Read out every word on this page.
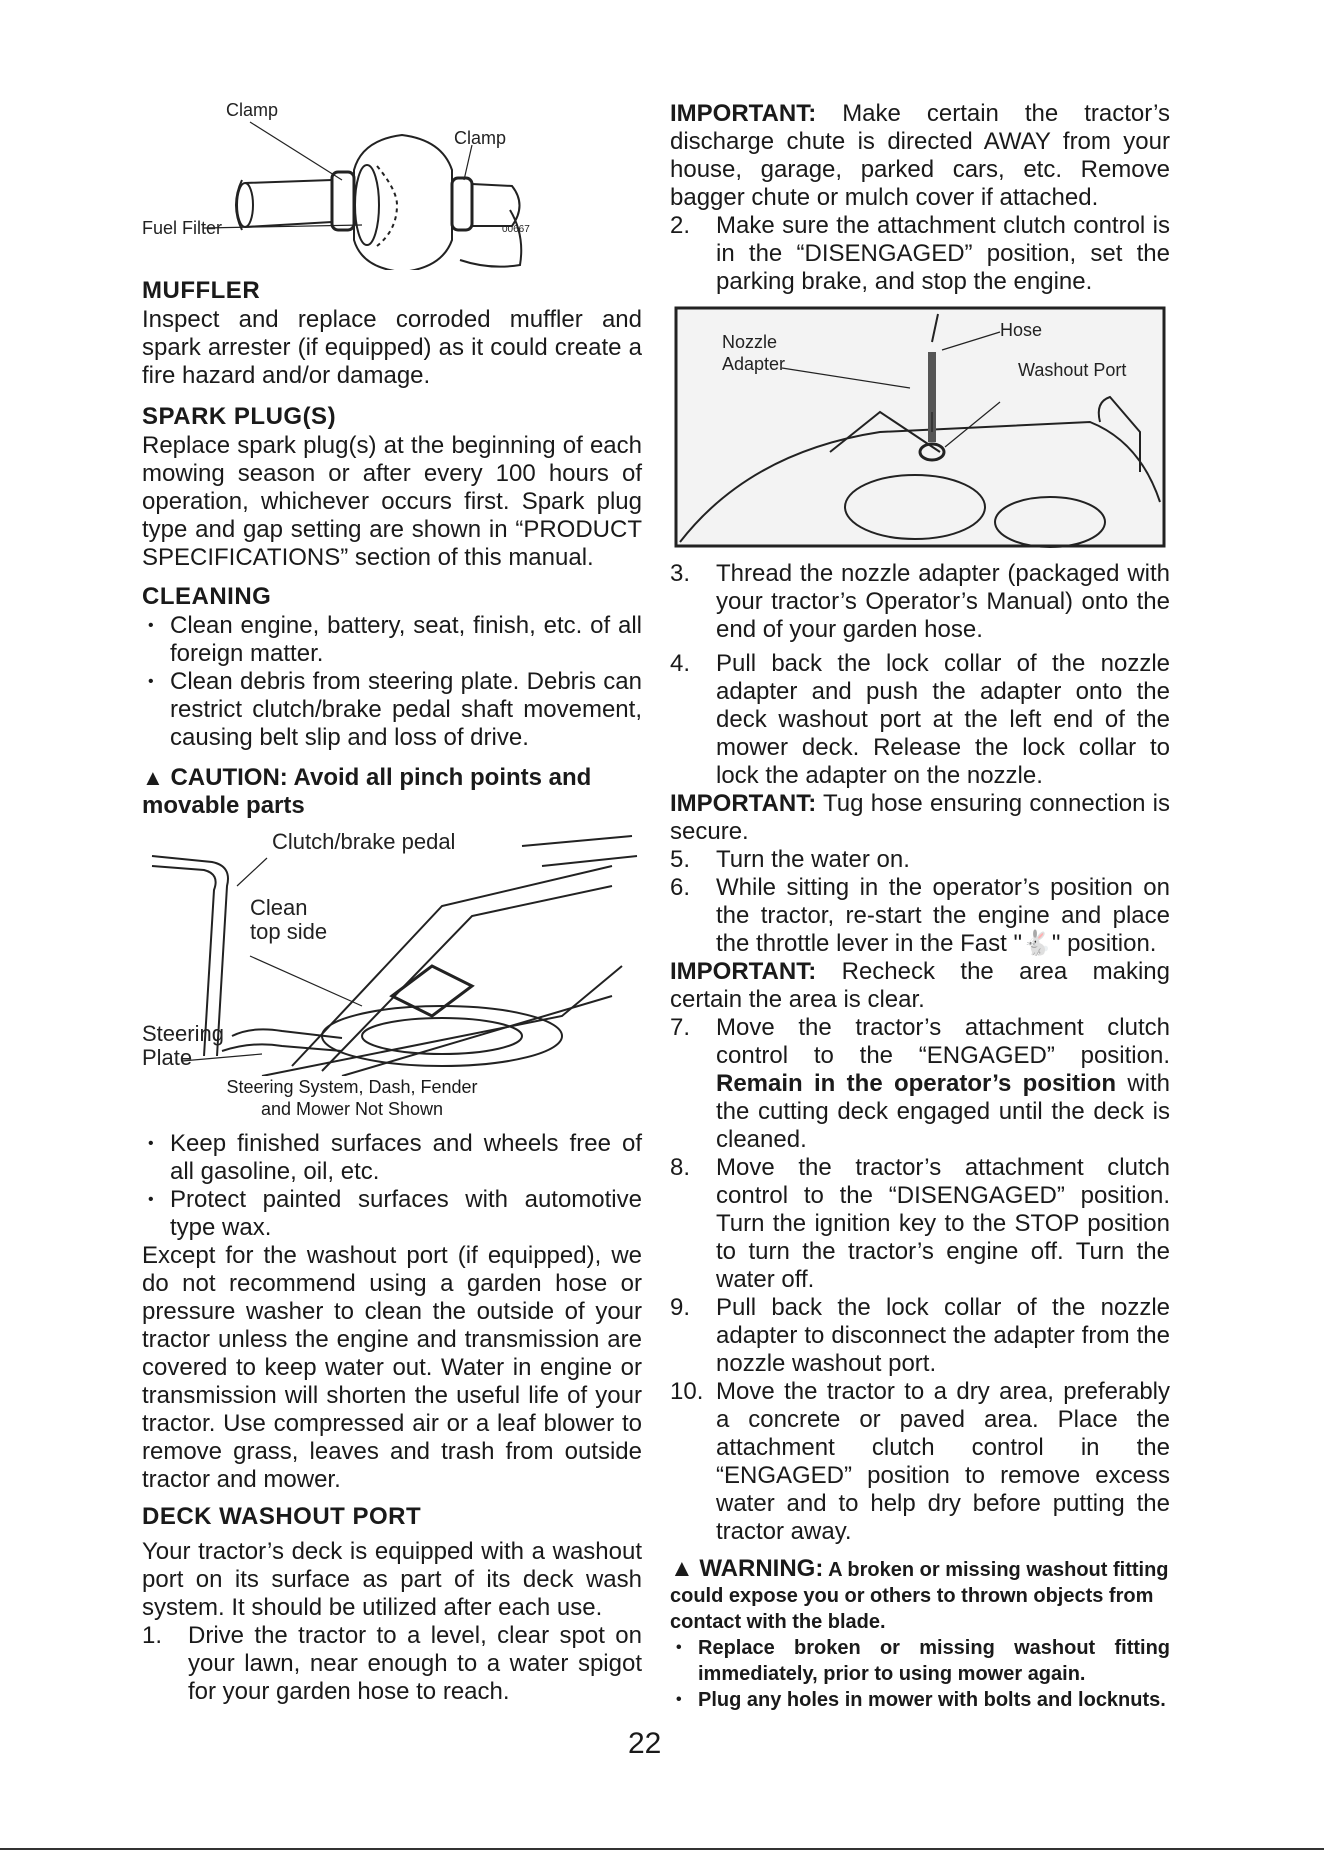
Clamp
Clamp
Fuel Filter	00667
MUFFLER

Inspect and replace corroded muffler and spark arrester (if equipped) as it could create a fire hazard and/or damage.

SPARK PLUG(S)

Replace spark plug(s) at the beginning of each mowing season or after every 100 hours of operation, whichever occurs first. Spark plug type and gap setting are shown in “PRODUCT SPECIFICATIONS” section of this manual.

CLEANING
• Clean engine, battery, seat, finish, etc. of all foreign matter.
• Clean debris from steering plate. Debris can restrict clutch/brake pedal shaft movement, causing belt slip and loss of drive.
▲ CAUTION: Avoid all pinch points and movable parts
Clutch/brake pedal
Clean top side
Steering Plate
Steering System, Dash, Fender
and Mower Not Shown
• Keep finished surfaces and wheels free of all gasoline, oil, etc.
• Protect painted surfaces with automotive type wax.

Except for the washout port (if equipped), we do not recommend using a garden hose or pressure washer to clean the outside of your tractor unless the engine and transmission are covered to keep water out. Water in engine or transmission will shorten the useful life of your tractor. Use compressed air or a leaf blower to remove grass, leaves and trash from outside tractor and mower.

DECK WASHOUT PORT

Your tractor’s deck is equipped with a washout port on its surface as part of its deck wash system. It should be utilized after each use.

1.	Drive the tractor to a level, clear spot on your lawn, near enough to a water spigot for your garden hose to reach.

IMPORTANT: Make certain the tractor’s discharge chute is directed AWAY from your house, garage, parked cars, etc. Remove bagger chute or mulch cover if attached.

2.	Make sure the attachment clutch control is in the “DISENGAGED” position, set the parking brake, and stop the engine.
Nozzle
Adapter
Hose
Washout Port
3.	Thread the nozzle adapter (packaged with your tractor’s Operator’s Manual) onto the end of your garden hose.
4.	Pull back the lock collar of the nozzle adapter and push the adapter onto the deck washout port at the left end of the mower deck. Release the lock collar to lock the adapter on the nozzle.

IMPORTANT: Tug hose ensuring connection is secure.

5.	Turn the water on.
6.	While sitting in the operator’s position on the tractor, re-start the engine and place the throttle lever in the Fast "🐇" position.

IMPORTANT: Recheck the area making certain the area is clear.

7.	Move the tractor’s attachment clutch control to the “ENGAGED” position. Remain in the operator’s position with the cutting deck engaged until the deck is cleaned.
8.	Move the tractor’s attachment clutch control to the “DISENGAGED” position. Turn the ignition key to the STOP position to turn the tractor’s engine off. Turn the water off.
9.	Pull back the lock collar of the nozzle adapter to disconnect the adapter from the nozzle washout port.
10. Move the tractor to a dry area, preferably a concrete or paved area. Place the attachment clutch control in the “ENGAGED” position to remove excess water and to help dry before putting the tractor away.
▲ WARNING: A broken or missing washout fitting could expose you or others to thrown objects from contact with the blade.
• Replace broken or missing washout fitting immediately, prior to using mower again.
• Plug any holes in mower with bolts and locknuts.
22
